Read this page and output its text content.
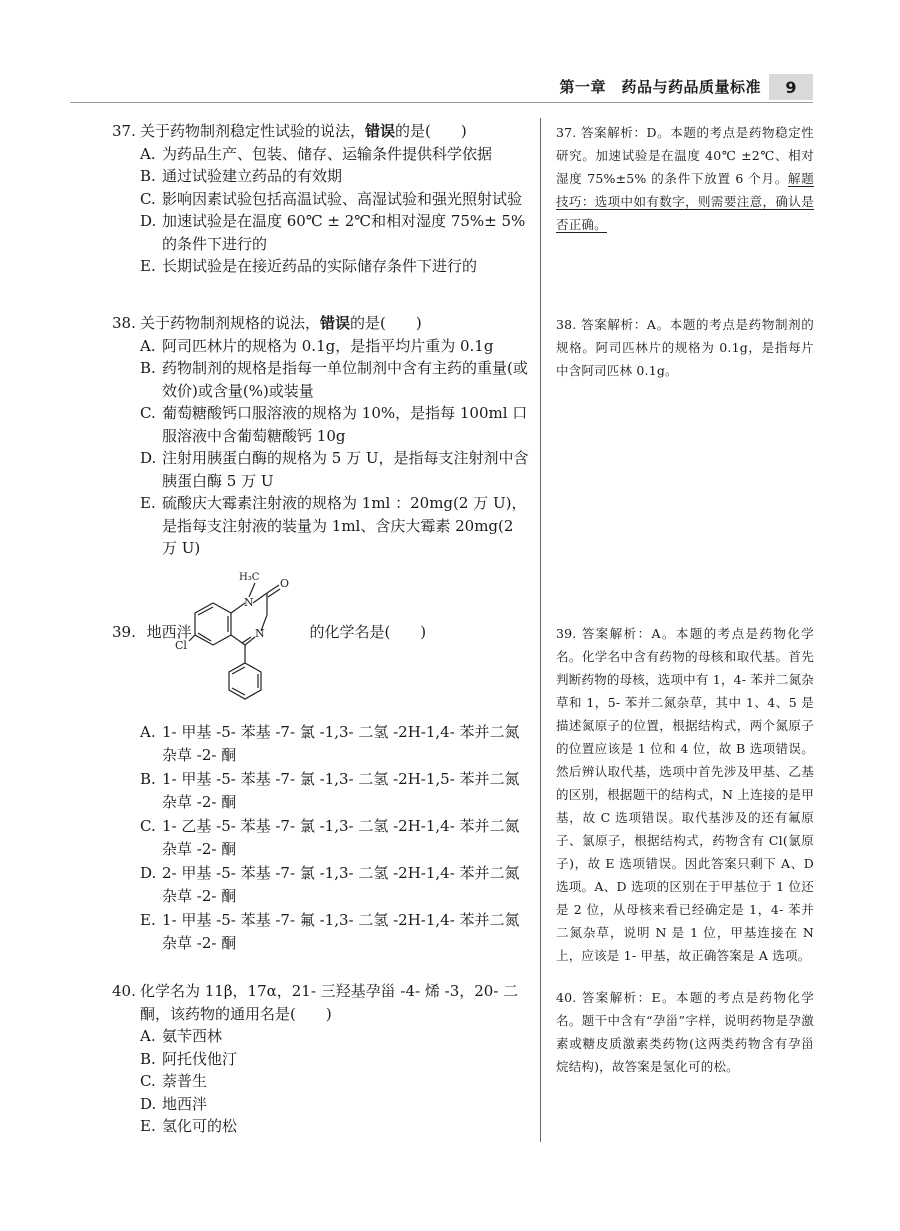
第一章　药品与药品质量标准	9
37. 关于药物制剂稳定性试验的说法，错误的是(　　)
A. 为药品生产、包装、储存、运输条件提供科学依据
B. 通过试验建立药品的有效期
C. 影响因素试验包括高温试验、高湿试验和强光照射试验
D. 加速试验是在温度 60℃ ± 2℃和相对湿度 75%± 5% 的条件下进行的
E. 长期试验是在接近药品的实际储存条件下进行的
37. 答案解析：D。本题的考点是药物稳定性研究。加速试验是在温度 40℃ ±2℃、相对湿度 75%±5% 的条件下放置 6 个月。解题技巧：选项中如有数字，则需要注意，确认是否正确。
38. 关于药物制剂规格的说法，错误的是(　　)
A. 阿司匹林片的规格为 0.1g，是指平均片重为 0.1g
B. 药物制剂的规格是指每一单位制剂中含有主药的重量(或效价)或含量(%)或装量
C. 葡萄糖酸钙口服溶液的规格为 10%，是指每 100ml 口服溶液中含葡萄糖酸钙 10g
D. 注射用胰蛋白酶的规格为 5 万 U，是指每支注射剂中含胰蛋白酶 5 万 U
E. 硫酸庆大霉素注射液的规格为 1ml ：20mg(2 万 U)，是指每支注射液的装量为 1ml、含庆大霉素 20mg(2 万 U)
38. 答案解析：A。本题的考点是药物制剂的规格。阿司匹林片的规格为 0.1g，是指每片中含阿司匹林 0.1g。
39. 地西泮	的化学名是(　　)
H₃C
N
O
N
Cl
A. 1- 甲基 -5- 苯基 -7- 氯 -1,3- 二氢 -2H-1,4- 苯并二氮杂草 -2- 酮
B. 1- 甲基 -5- 苯基 -7- 氯 -1,3- 二氢 -2H-1,5- 苯并二氮杂草 -2- 酮
C. 1- 乙基 -5- 苯基 -7- 氯 -1,3- 二氢 -2H-1,4- 苯并二氮杂草 -2- 酮
D. 2- 甲基 -5- 苯基 -7- 氯 -1,3- 二氢 -2H-1,4- 苯并二氮杂草 -2- 酮
E. 1- 甲基 -5- 苯基 -7- 氟 -1,3- 二氢 -2H-1,4- 苯并二氮杂草 -2- 酮
39. 答案解析：A。本题的考点是药物化学名。化学名中含有药物的母核和取代基。首先判断药物的母核，选项中有 1，4- 苯并二氮杂草和 1，5- 苯并二氮杂草，其中 1、4、5 是描述氮原子的位置，根据结构式，两个氮原子的位置应该是 1 位和 4 位，故 B 选项错误。然后辨认取代基，选项中首先涉及甲基、乙基的区别，根据题干的结构式，N 上连接的是甲基，故 C 选项错误。取代基涉及的还有氟原子、氯原子，根据结构式，药物含有 Cl(氯原子)，故 E 选项错误。因此答案只剩下 A、D 选项。A、D 选项的区别在于甲基位于 1 位还是 2 位，从母核来看已经确定是 1，4- 苯并二氮杂草，说明 N 是 1 位，甲基连接在 N 上，应该是 1- 甲基，故正确答案是 A 选项。
40. 化学名为 11β，17α，21- 三羟基孕甾 -4- 烯 -3，20- 二酮，该药物的通用名是(　　)
A. 氨苄西林
B. 阿托伐他汀
C. 萘普生
D. 地西泮
E. 氢化可的松
40. 答案解析：E。本题的考点是药物化学名。题干中含有“孕甾”字样，说明药物是孕激素或糖皮质激素类药物(这两类药物含有孕甾烷结构)，故答案是氢化可的松。
